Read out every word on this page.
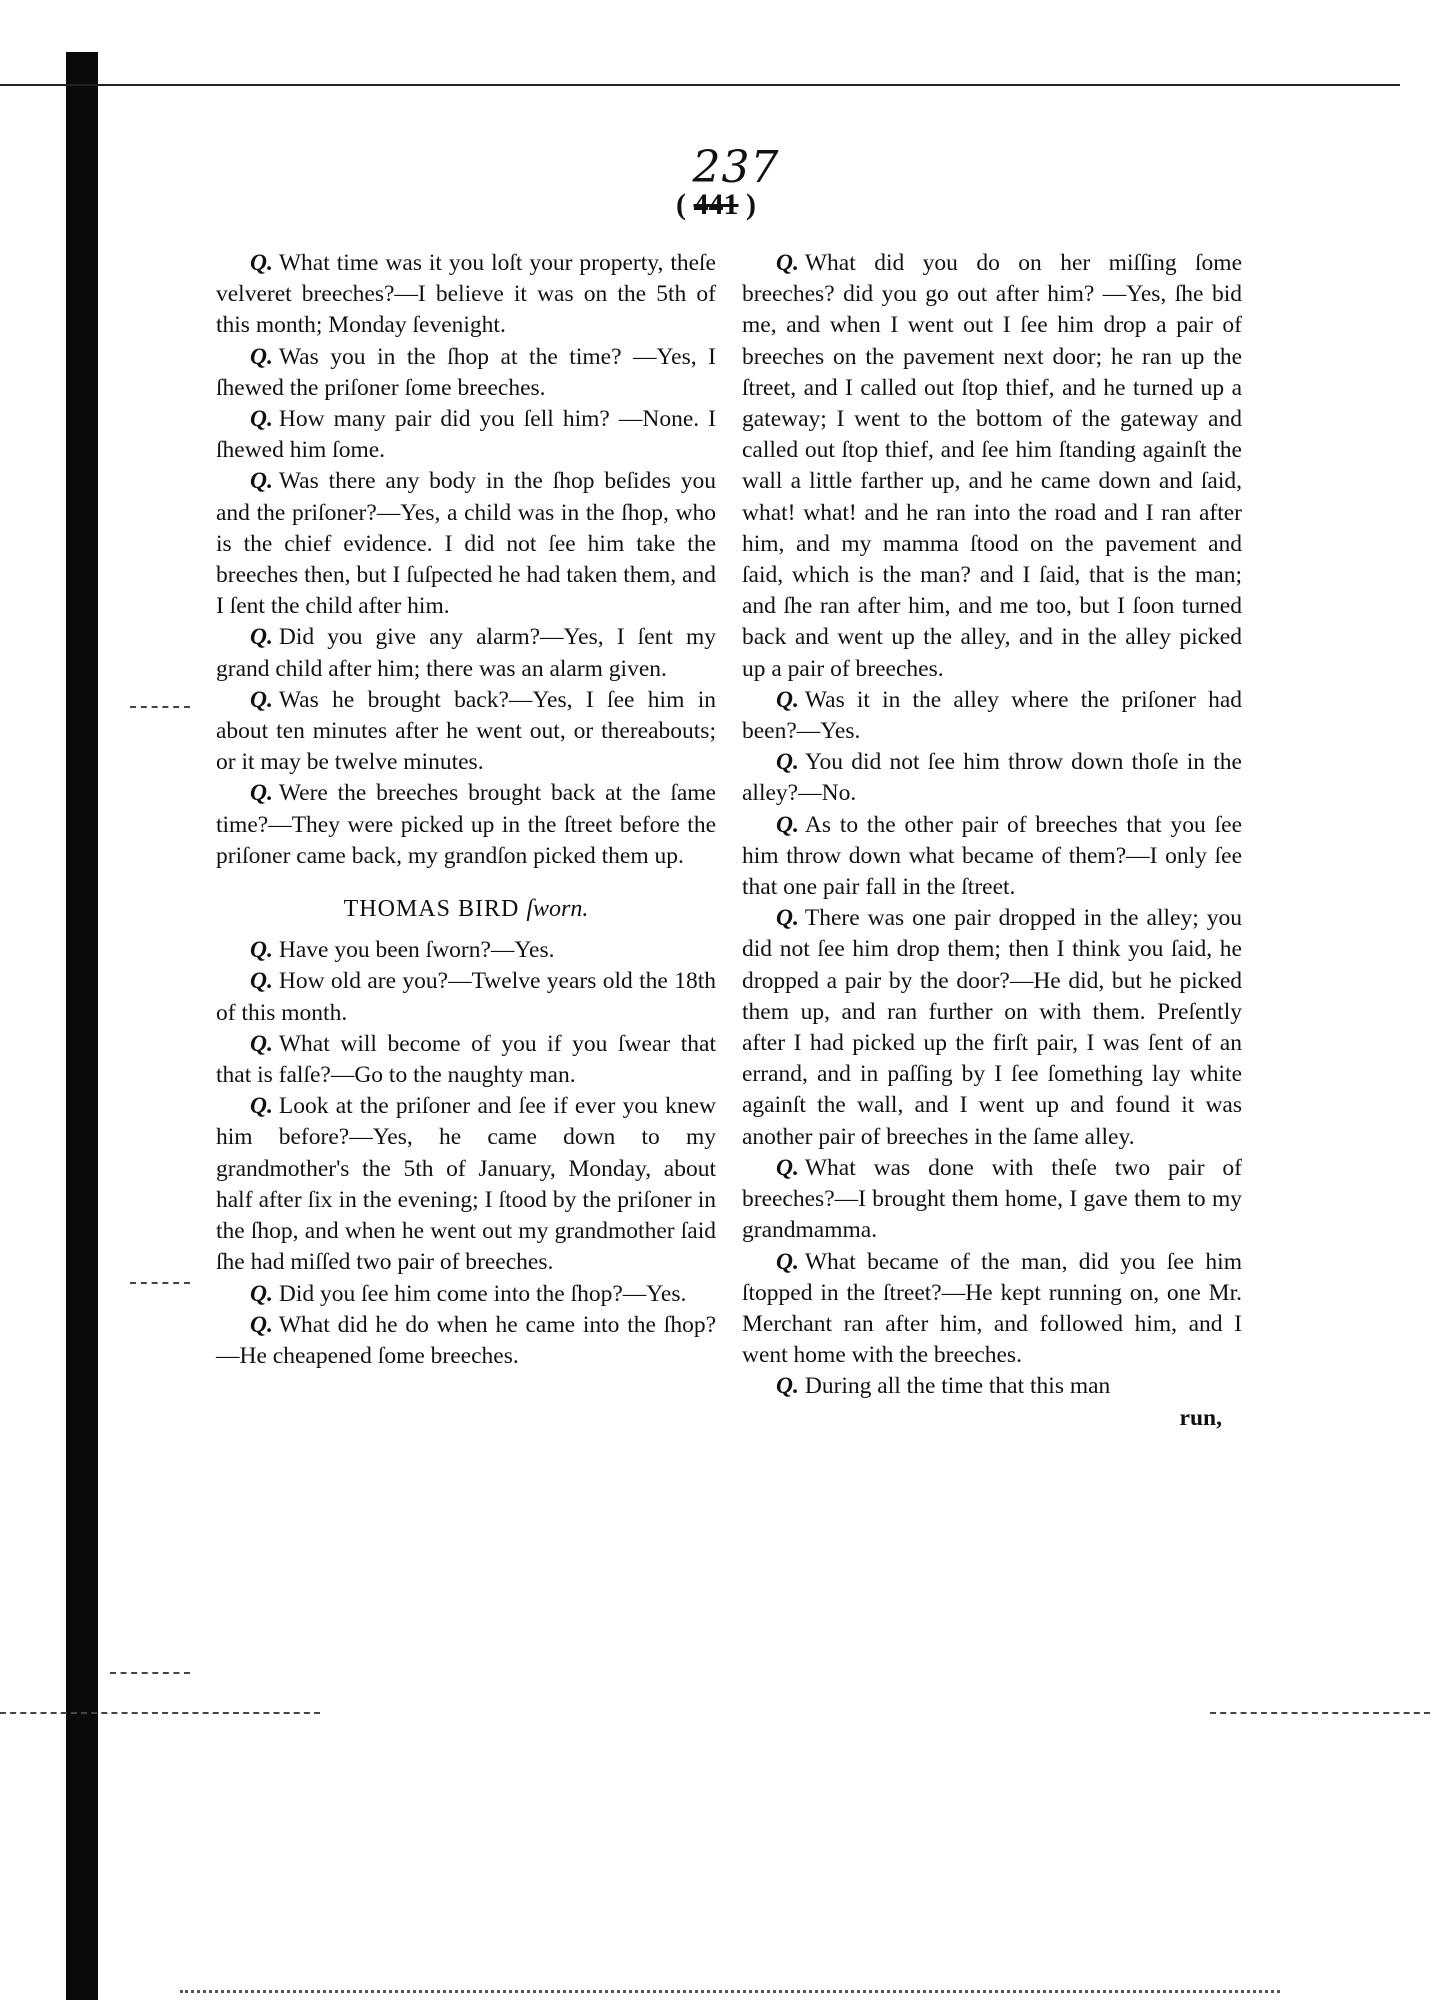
237
( 441 )

Q. What time was it you loſt your property, theſe velveret breeches?—I believe it was on the 5th of this month; Monday ſevenight.

Q. Was you in the ſhop at the time? —Yes, I ſhewed the priſoner ſome breeches.

Q. How many pair did you ſell him? —None. I ſhewed him ſome.

Q. Was there any body in the ſhop beſides you and the priſoner?—Yes, a child was in the ſhop, who is the chief evidence. I did not ſee him take the breeches then, but I ſuſpected he had taken them, and I ſent the child after him.

Q. Did you give any alarm?—Yes, I ſent my grand child after him; there was an alarm given.

Q. Was he brought back?—Yes, I ſee him in about ten minutes after he went out, or thereabouts; or it may be twelve minutes.

Q. Were the breeches brought back at the ſame time?—They were picked up in the ſtreet before the priſoner came back, my grandſon picked them up.

THOMAS BIRD ſworn.

Q. Have you been ſworn?—Yes.

Q. How old are you?—Twelve years old the 18th of this month.

Q. What will become of you if you ſwear that that is falſe?—Go to the naughty man.

Q. Look at the priſoner and ſee if ever you knew him before?—Yes, he came down to my grandmother's the 5th of January, Monday, about half after ſix in the evening; I ſtood by the priſoner in the ſhop, and when he went out my grandmother ſaid ſhe had miſſed two pair of breeches.

Q. Did you ſee him come into the ſhop?—Yes.

Q. What did he do when he came into the ſhop?—He cheapened ſome breeches.

Q. What did you do on her miſſing ſome breeches? did you go out after him? —Yes, ſhe bid me, and when I went out I ſee him drop a pair of breeches on the pavement next door; he ran up the ſtreet, and I called out ſtop thief, and he turned up a gateway; I went to the bottom of the gateway and called out ſtop thief, and ſee him ſtanding againſt the wall a little farther up, and he came down and ſaid, what! what! and he ran into the road and I ran after him, and my mamma ſtood on the pavement and ſaid, which is the man? and I ſaid, that is the man; and ſhe ran after him, and me too, but I ſoon turned back and went up the alley, and in the alley picked up a pair of breeches.

Q. Was it in the alley where the priſoner had been?—Yes.

Q. You did not ſee him throw down thoſe in the alley?—No.

Q. As to the other pair of breeches that you ſee him throw down what became of them?—I only ſee that one pair fall in the ſtreet.

Q. There was one pair dropped in the alley; you did not ſee him drop them; then I think you ſaid, he dropped a pair by the door?—He did, but he picked them up, and ran further on with them. Preſently after I had picked up the firſt pair, I was ſent of an errand, and in paſſing by I ſee ſomething lay white againſt the wall, and I went up and found it was another pair of breeches in the ſame alley.

Q. What was done with theſe two pair of breeches?—I brought them home, I gave them to my grandmamma.

Q. What became of the man, did you ſee him ſtopped in the ſtreet?—He kept running on, one Mr. Merchant ran after him, and followed him, and I went home with the breeches.

Q. During all the time that this man

run,
